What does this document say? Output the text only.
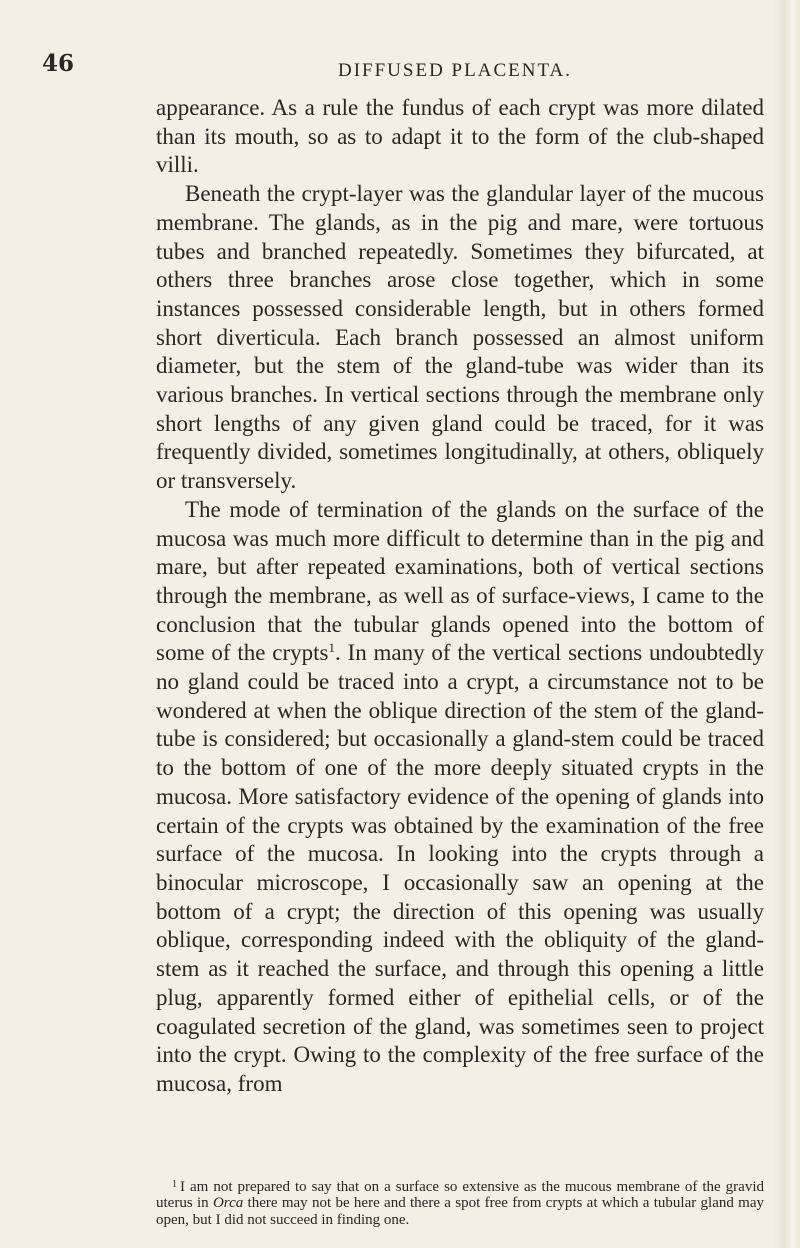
46	DIFFUSED PLACENTA.

appearance. As a rule the fundus of each crypt was more dilated than its mouth, so as to adapt it to the form of the club-shaped villi.

Beneath the crypt-layer was the glandular layer of the mucous membrane. The glands, as in the pig and mare, were tortuous tubes and branched repeatedly. Sometimes they bifurcated, at others three branches arose close together, which in some instances possessed considerable length, but in others formed short diverticula. Each branch possessed an almost uniform diameter, but the stem of the gland-tube was wider than its various branches. In vertical sections through the membrane only short lengths of any given gland could be traced, for it was frequently divided, sometimes longitudinally, at others, obliquely or transversely.

The mode of termination of the glands on the surface of the mucosa was much more difficult to determine than in the pig and mare, but after repeated examinations, both of vertical sections through the membrane, as well as of surface-views, I came to the conclusion that the tubular glands opened into the bottom of some of the crypts$^1$. In many of the vertical sections undoubtedly no gland could be traced into a crypt, a circumstance not to be wondered at when the oblique direction of the stem of the gland-tube is considered; but occasionally a gland-stem could be traced to the bottom of one of the more deeply situated crypts in the mucosa. More satisfactory evidence of the opening of glands into certain of the crypts was obtained by the examination of the free surface of the mucosa. In looking into the crypts through a binocular microscope, I occasionally saw an opening at the bottom of a crypt; the direction of this opening was usually oblique, corresponding indeed with the obliquity of the gland-stem as it reached the surface, and through this opening a little plug, apparently formed either of epithelial cells, or of the coagulated secretion of the gland, was sometimes seen to project into the crypt. Owing to the complexity of the free surface of the mucosa, from

$^1$ I am not prepared to say that on a surface so extensive as the mucous membrane of the gravid uterus in Orca there may not be here and there a spot free from crypts at which a tubular gland may open, but I did not succeed in finding one.
